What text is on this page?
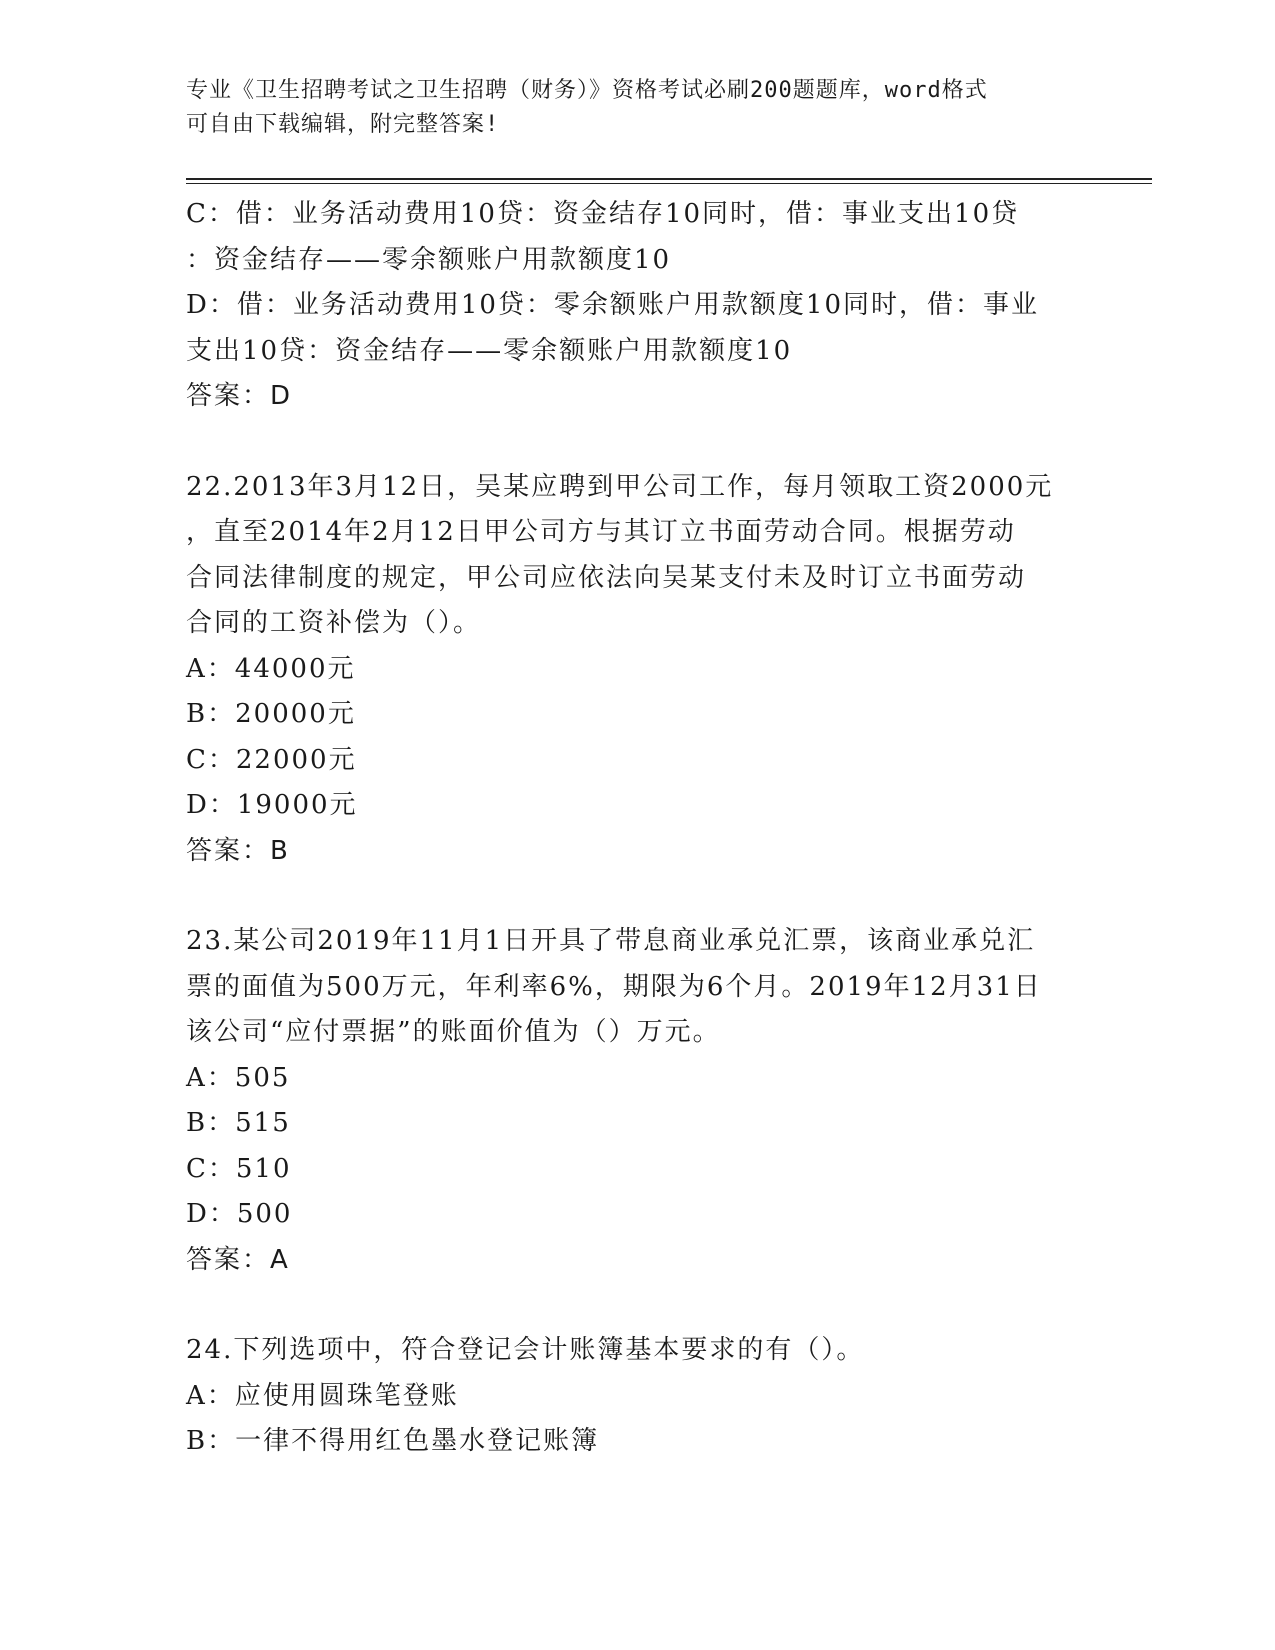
专业《卫生招聘考试之卫生招聘（财务）》资格考试必刷200题题库，word格式
可自由下载编辑，附完整答案!
C：借：业务活动费用10贷：资金结存10同时，借：事业支出10贷
：资金结存——零余额账户用款额度10
D：借：业务活动费用10贷：零余额账户用款额度10同时，借：事业
支出10贷：资金结存——零余额账户用款额度10
答案：D
22.2013年3月12日，吴某应聘到甲公司工作，每月领取工资2000元
，直至2014年2月12日甲公司方与其订立书面劳动合同。根据劳动
合同法律制度的规定，甲公司应依法向吴某支付未及时订立书面劳动
合同的工资补偿为（）。
A：44000元
B：20000元
C：22000元
D：19000元
答案：B
23.某公司2019年11月1日开具了带息商业承兑汇票，该商业承兑汇
票的面值为500万元，年利率6%，期限为6个月。2019年12月31日
该公司“应付票据”的账面价值为（）万元。
A：505
B：515
C：510
D：500
答案：A
24.下列选项中，符合登记会计账簿基本要求的有（）。
A：应使用圆珠笔登账
B：一律不得用红色墨水登记账簿
